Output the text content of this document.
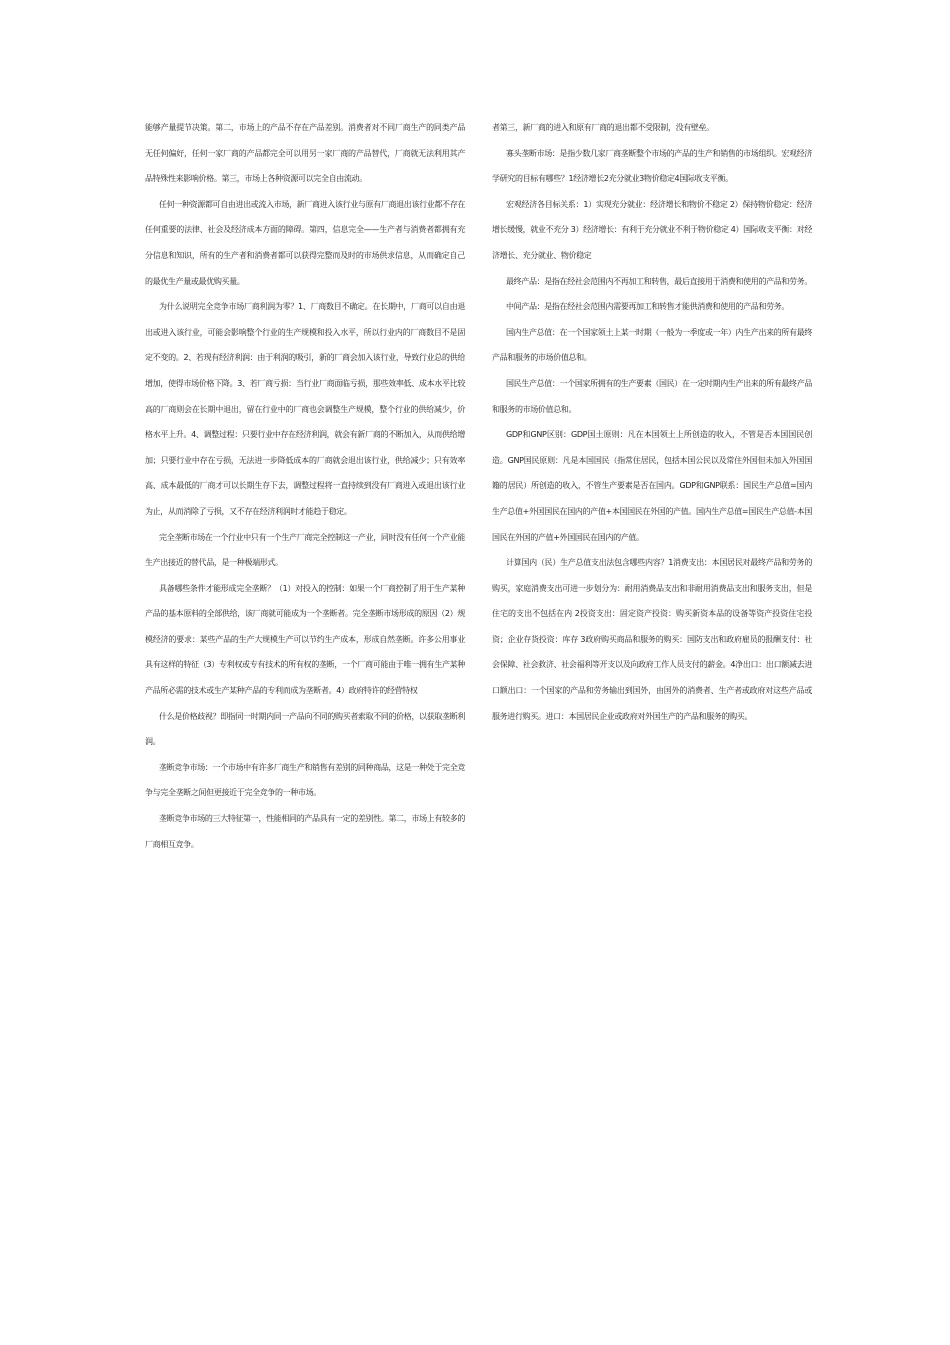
能够产量提节决策。第二，市场上的产品不存在产品差别。消费者对不同厂商生产的同类产品无任何偏好，任何一家厂商的产品都完全可以用另一家厂商的产品替代，厂商就无法利用其产品特殊性来影响价格。第三，市场上各种资源可以完全自由流动。

任何一种资源都可自由进出或流入市场，新厂商进入该行业与原有厂商退出该行业都不存在任何重要的法律、社会及经济成本方面的障碍。第四，信息完全——生产者与消费者都拥有充分信息和知识，所有的生产者和消费者都可以获得完整而及时的市场供求信息，从而确定自己的最优生产量或最优购买量。

为什么说明完全竞争市场厂商利润为零？1、厂商数目不确定。在长期中，厂商可以自由退出或进入该行业，可能会影响整个行业的生产规模和投入水平，所以行业内的厂商数目不是固定不变的。2、若现有经济利润：由于利润的吸引，新的厂商会加入该行业，导致行业总的供给增加，使得市场价格下降。3、若厂商亏损：当行业厂商面临亏损，那些效率低、成本水平比较高的厂商则会在长期中退出，留在行业中的厂商也会调整生产规模，整个行业的供给减少，价格水平上升。4、调整过程：只要行业中存在经济利润，就会有新厂商的不断加入，从而供给增加；只要行业中存在亏损，无法进一步降低成本的厂商就会退出该行业，供给减少；只有效率高、成本最低的厂商才可以长期生存下去，调整过程将一直持续到没有厂商进入或退出该行业为止，从而消除了亏损，又不存在经济利润时才能趋于稳定。

完全垄断市场在一个行业中只有一个生产厂商完全控制这一产业，同时没有任何一个产业能生产出接近的替代品，是一种极端形式。

具备哪些条件才能形成完全垄断？（1）对投入的控制：如果一个厂商控制了用于生产某种产品的基本原料的全部供给，该厂商就可能成为一个垄断者。完全垄断市场形成的原因（2）规模经济的要求：某些产品的生产大规模生产可以节约生产成本，形成自然垄断。许多公用事业具有这样的特征（3）专利权或专有技术的所有权的垄断，一个厂商可能由于唯一拥有生产某种产品所必需的技术或生产某种产品的专利而成为垄断者。4）政府特许的经营特权

什么是价格歧视？即指同一时期内同一产品向不同的购买者索取不同的价格，以获取垄断利润。

垄断竞争市场：一个市场中有许多厂商生产和销售有差别的同种商品，这是一种处于完全竞争与完全垄断之间但更接近于完全竞争的一种市场。

垄断竞争市场的三大特征第一，性能相同的产品具有一定的差别性。第二，市场上有较多的厂商相互竞争。

者第三，新厂商的进入和原有厂商的退出都不受限制，没有壁垒。

寡头垄断市场：是指少数几家厂商垄断整个市场的产品的生产和销售的市场组织。宏观经济学研究的目标有哪些？1经济增长2充分就业3物价稳定4国际收支平衡。

宏观经济各目标关系：1）实现充分就业：经济增长和物价不稳定 2）保持物价稳定：经济增长缓慢，就业不充分 3）经济增长：有利于充分就业不利于物价稳定 4）国际收支平衡：对经济增长、充分就业、物价稳定

最终产品：是指在经社会范围内不再加工和转售，最后直接用于消费和使用的产品和劳务。

中间产品：是指在经社会范围内需要再加工和转售才能供消费和使用的产品和劳务。

国内生产总值：在一个国家领土上某一时期（一般为一季度或一年）内生产出来的所有最终产品和服务的市场价值总和。

国民生产总值：一个国家所拥有的生产要素（国民）在一定时期内生产出来的所有最终产品和服务的市场价值总和。

GDP和GNP区别：GDP国土原则：凡在本国领土上所创造的收入，不管是否本国国民创造。GNP国民原则：凡是本国国民（指常住居民，包括本国公民以及常住外国但未加入外国国籍的居民）所创造的收入，不管生产要素是否在国内。GDP和GNP联系：国民生产总值=国内生产总值+外国国民在国内的产值+本国国民在外国的产值。国内生产总值=国民生产总值-本国国民在外国的产值+外国国民在国内的产值。

计算国内（民）生产总值支出法包含哪些内容？1消费支出：本国居民对最终产品和劳务的购买，家庭消费支出可进一步划分为：耐用消费品支出和非耐用消费品支出和服务支出，但是住宅的支出不包括在内 2投资支出：固定资产投资：购买新资本品的设备等资产投资住宅投资；企业存货投资：库存 3政府购买商品和服务的购买：国防支出和政府雇员的报酬支付：社会保障、社会救济、社会福利等开支以及向政府工作人员支付的薪金。4净出口：出口额减去进口额出口：一个国家的产品和劳务输出到国外，由国外的消费者、生产者或政府对这些产品或服务进行购买。进口：本国居民企业或政府对外国生产的产品和服务的购买。
